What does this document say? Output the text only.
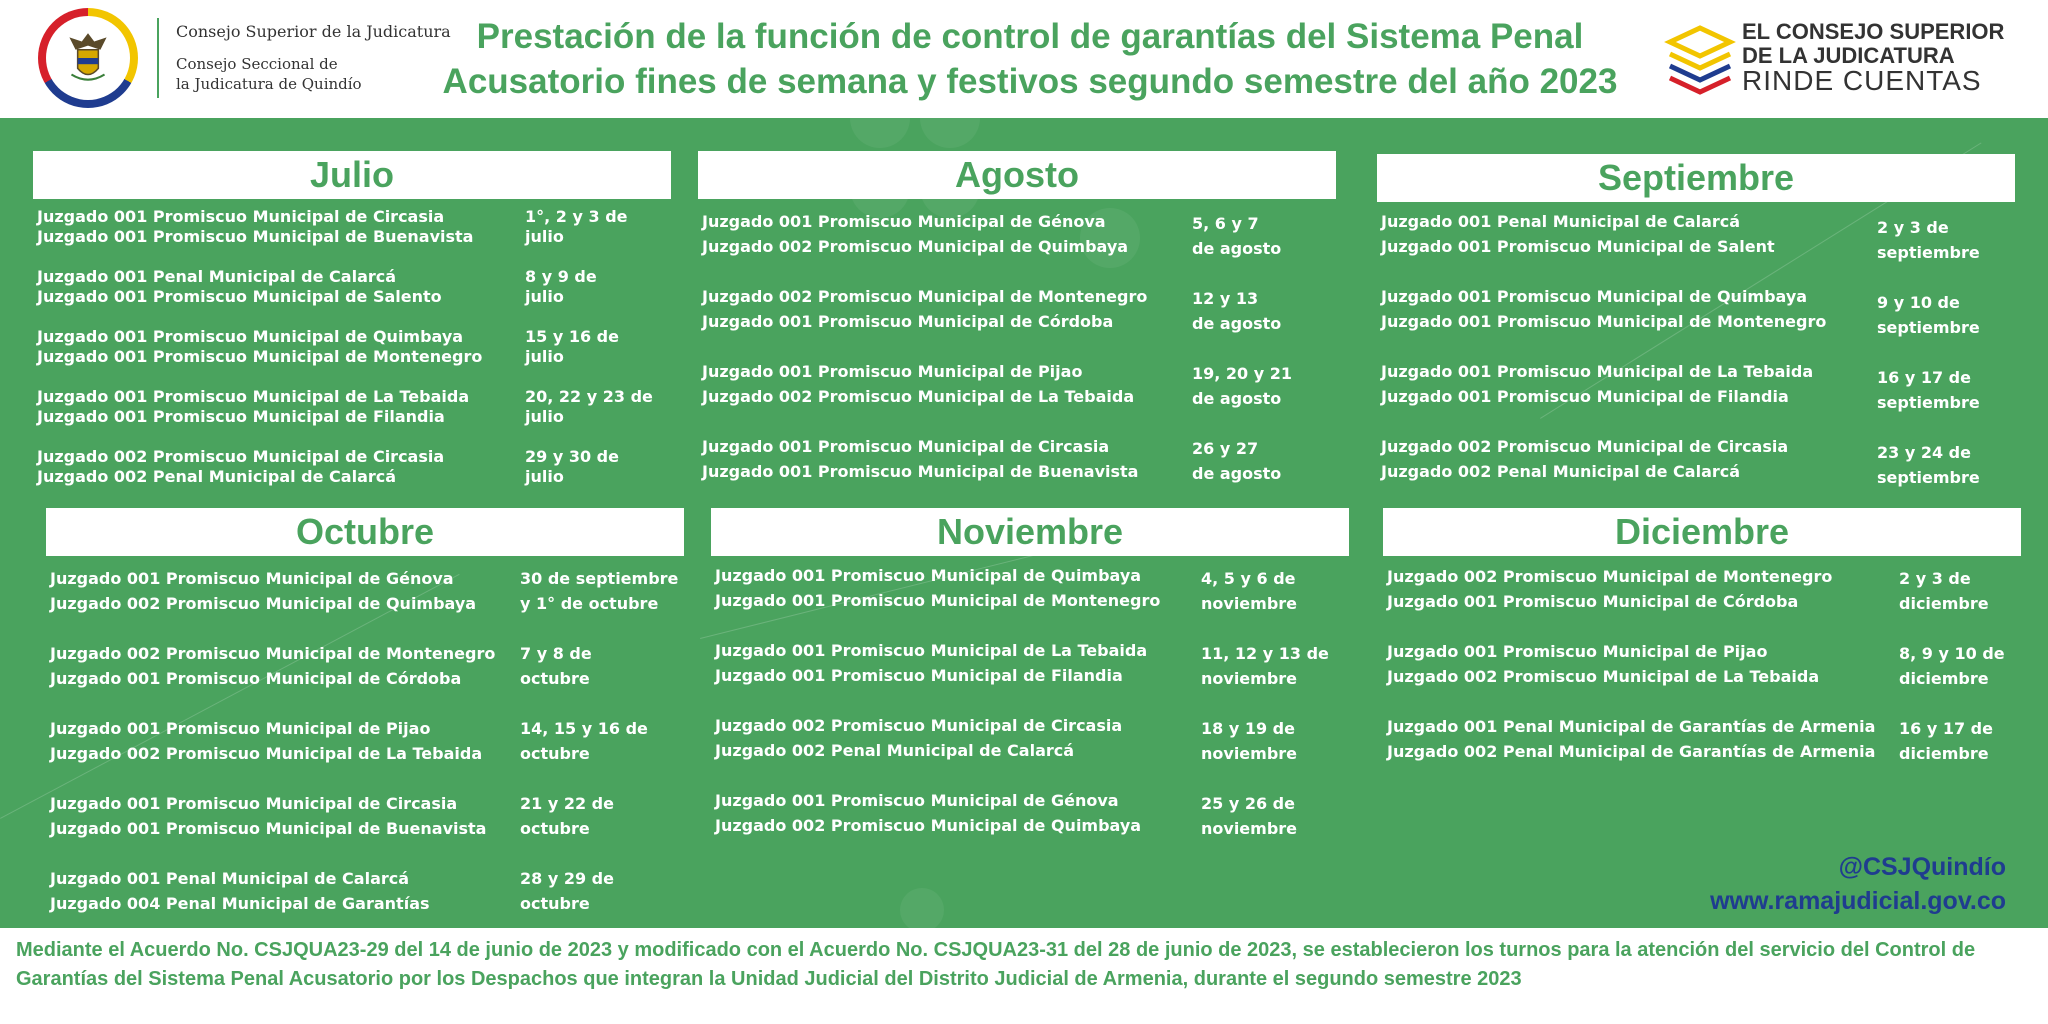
Consejo Superior de la Judicatura
Consejo Seccional de
la Judicatura de Quindío
Prestación de la función de control de garantías del Sistema Penal
Acusatorio fines de semana y festivos segundo semestre del año 2023
EL CONSEJO SUPERIOR
DE LA JUDICATURA
RINDE CUENTAS
Julio
Juzgado 001 Promiscuo Municipal de Circasia
Juzgado 001 Promiscuo Municipal de Buenavista
1°, 2 y 3 de
julio
Juzgado 001 Penal Municipal de Calarcá
Juzgado 001 Promiscuo Municipal de Salento
8 y 9 de
julio
Juzgado 001 Promiscuo Municipal de Quimbaya
Juzgado 001 Promiscuo Municipal de Montenegro
15 y 16 de
julio
Juzgado 001 Promiscuo Municipal de La Tebaida
Juzgado 001 Promiscuo Municipal de Filandia
20, 22 y 23 de
julio
Juzgado 002 Promiscuo Municipal de Circasia
Juzgado 002 Penal Municipal de Calarcá
29 y 30 de
julio
Agosto
Juzgado 001 Promiscuo Municipal de Génova
Juzgado 002 Promiscuo Municipal de Quimbaya
5, 6 y 7
de agosto
Juzgado 002 Promiscuo Municipal de Montenegro
Juzgado 001 Promiscuo Municipal de Córdoba
12 y 13
de agosto
Juzgado 001 Promiscuo Municipal de Pijao
Juzgado 002 Promiscuo Municipal de La Tebaida
19, 20 y 21
de agosto
Juzgado 001 Promiscuo Municipal de Circasia
Juzgado 001 Promiscuo Municipal de Buenavista
26 y 27
de agosto
Septiembre
Juzgado 001 Penal Municipal de Calarcá
Juzgado 001 Promiscuo Municipal de Salent
2 y 3 de
septiembre
Juzgado 001 Promiscuo Municipal de Quimbaya
Juzgado 001 Promiscuo Municipal de Montenegro
9 y 10 de
septiembre
Juzgado 001 Promiscuo Municipal de La Tebaida
Juzgado 001 Promiscuo Municipal de Filandia
16 y 17 de
septiembre
Juzgado 002 Promiscuo Municipal de Circasia
Juzgado 002 Penal Municipal de Calarcá
23 y 24 de
septiembre
Octubre
Juzgado 001 Promiscuo Municipal de Génova
Juzgado 002 Promiscuo Municipal de Quimbaya
30 de septiembre
y 1° de octubre
Juzgado 002 Promiscuo Municipal de Montenegro
Juzgado 001 Promiscuo Municipal de Córdoba
7 y 8 de
octubre
Juzgado 001 Promiscuo Municipal de Pijao
Juzgado 002 Promiscuo Municipal de La Tebaida
14, 15 y 16 de
octubre
Juzgado 001 Promiscuo Municipal de Circasia
Juzgado 001 Promiscuo Municipal de Buenavista
21 y 22 de
octubre
Juzgado 001 Penal Municipal de Calarcá
Juzgado 004 Penal Municipal de Garantías
28 y 29 de
octubre
Noviembre
Juzgado 001 Promiscuo Municipal de Quimbaya
Juzgado 001 Promiscuo Municipal de Montenegro
4, 5 y 6 de
noviembre
Juzgado 001 Promiscuo Municipal de La Tebaida
Juzgado 001 Promiscuo Municipal de Filandia
11, 12 y 13 de
noviembre
Juzgado 002 Promiscuo Municipal de Circasia
Juzgado 002 Penal Municipal de Calarcá
18 y 19 de
noviembre
Juzgado 001 Promiscuo Municipal de Génova
Juzgado 002 Promiscuo Municipal de Quimbaya
25 y 26 de
noviembre
Diciembre
Juzgado 002 Promiscuo Municipal de Montenegro
Juzgado 001 Promiscuo Municipal de Córdoba
2 y 3 de
diciembre
Juzgado 001 Promiscuo Municipal de Pijao
Juzgado 002 Promiscuo Municipal de La Tebaida
8, 9 y 10 de
diciembre
Juzgado 001 Penal Municipal de Garantías de Armenia
Juzgado 002 Penal Municipal de Garantías de Armenia
16 y 17 de
diciembre
@CSJQuindío
www.ramajudicial.gov.co
Mediante el Acuerdo No. CSJQUA23-29 del 14 de junio de 2023 y modificado con el Acuerdo No. CSJQUA23-31 del 28 de junio de 2023, se establecieron los turnos para la atención del servicio del Control de Garantías del Sistema Penal Acusatorio por los Despachos que integran la Unidad Judicial del Distrito Judicial de Armenia, durante el segundo semestre 2023
